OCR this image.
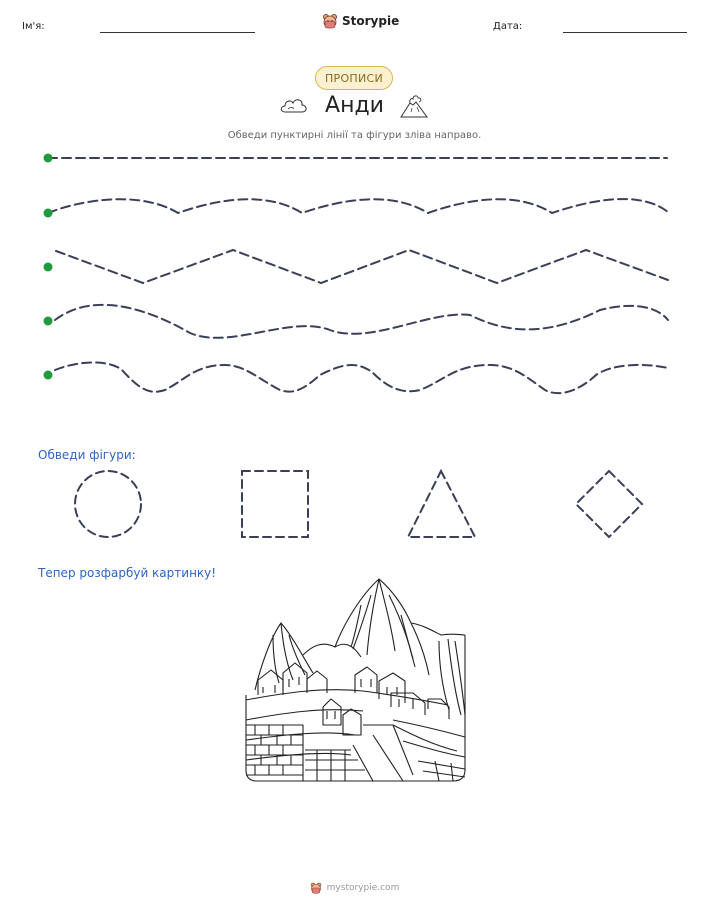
Ім'я:	Storypie	Дата:
ПРОПИСИ
Анди
Обведи пунктирні лінії та фігури зліва направо.
Обведи фігури:
Тепер розфарбуй картинку!
mystorypie.com
